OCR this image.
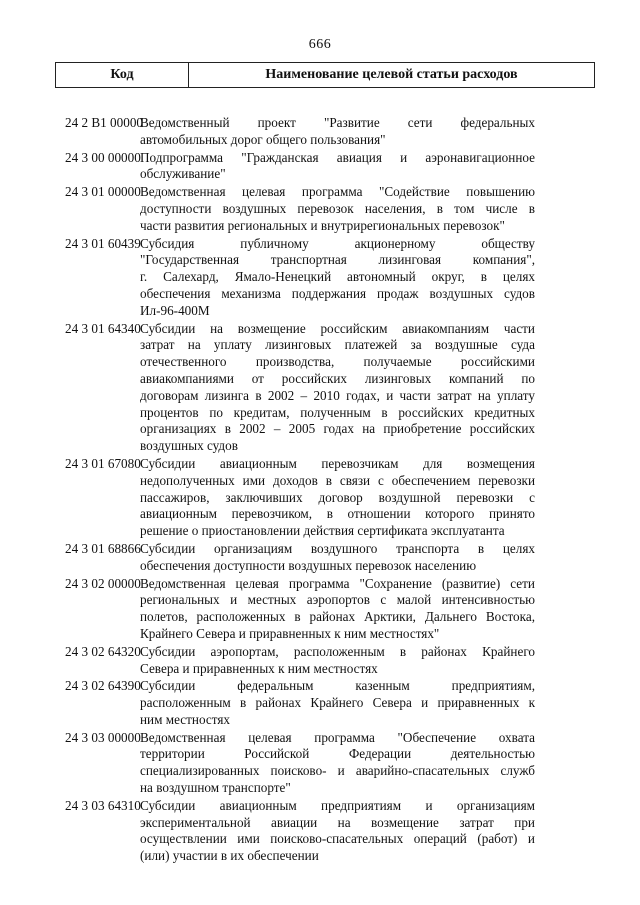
666
Код	Наименование целевой статьи расходов
24 2 В1 00000
Ведомственный проект "Развитие сети федеральных
автомобильных дорог общего пользования"
24 3 00 00000 Подпрограмма "Гражданская авиация и аэронавигационное
обслуживание"
24 3 01 00000 Ведомственная целевая программа "Содействие повышению
доступности воздушных перевозок населения, в том числе в
части развития региональных и внутрирегиональных перевозок"
24 3 01 60439 Субсидия публичному акционерному обществу
"Государственная транспортная лизинговая компания",
г. Салехард, Ямало-Ненецкий автономный округ, в целях
обеспечения механизма поддержания продаж воздушных судов
Ил-96-400М
24 3 01 64340 Субсидии на возмещение российским авиакомпаниям части
затрат на уплату лизинговых платежей за воздушные суда
отечественного производства, получаемые российскими
авиакомпаниями от российских лизинговых компаний по
договорам лизинга в 2002 – 2010 годах, и части затрат на уплату
процентов по кредитам, полученным в российских кредитных
организациях в 2002 – 2005 годах на приобретение российских
воздушных судов
24 3 01 67080 Субсидии авиационным перевозчикам для возмещения
недополученных ими доходов в связи с обеспечением перевозки
пассажиров, заключивших договор воздушной перевозки с
авиационным перевозчиком, в отношении которого принято
решение о приостановлении действия сертификата эксплуатанта
24 3 01 68866 Субсидии организациям воздушного транспорта в целях
обеспечения доступности воздушных перевозок населению
24 3 02 00000 Ведомственная целевая программа "Сохранение (развитие) сети
региональных и местных аэропортов с малой интенсивностью
полетов, расположенных в районах Арктики, Дальнего Востока,
Крайнего Севера и приравненных к ним местностях"
24 3 02 64320 Субсидии аэропортам, расположенным в районах Крайнего
Севера и приравненных к ним местностях
24 3 02 64390 Субсидии федеральным казенным предприятиям,
расположенным в районах Крайнего Севера и приравненных к
ним местностях
24 3 03 00000 Ведомственная целевая программа "Обеспечение охвата
территории Российской Федерации деятельностью
специализированных поисково- и аварийно-спасательных служб
на воздушном транспорте"
24 3 03 64310 Субсидии авиационным предприятиям и организациям
экспериментальной авиации на возмещение затрат при
осуществлении ими поисково-спасательных операций (работ) и
(или) участии в их обеспечении
